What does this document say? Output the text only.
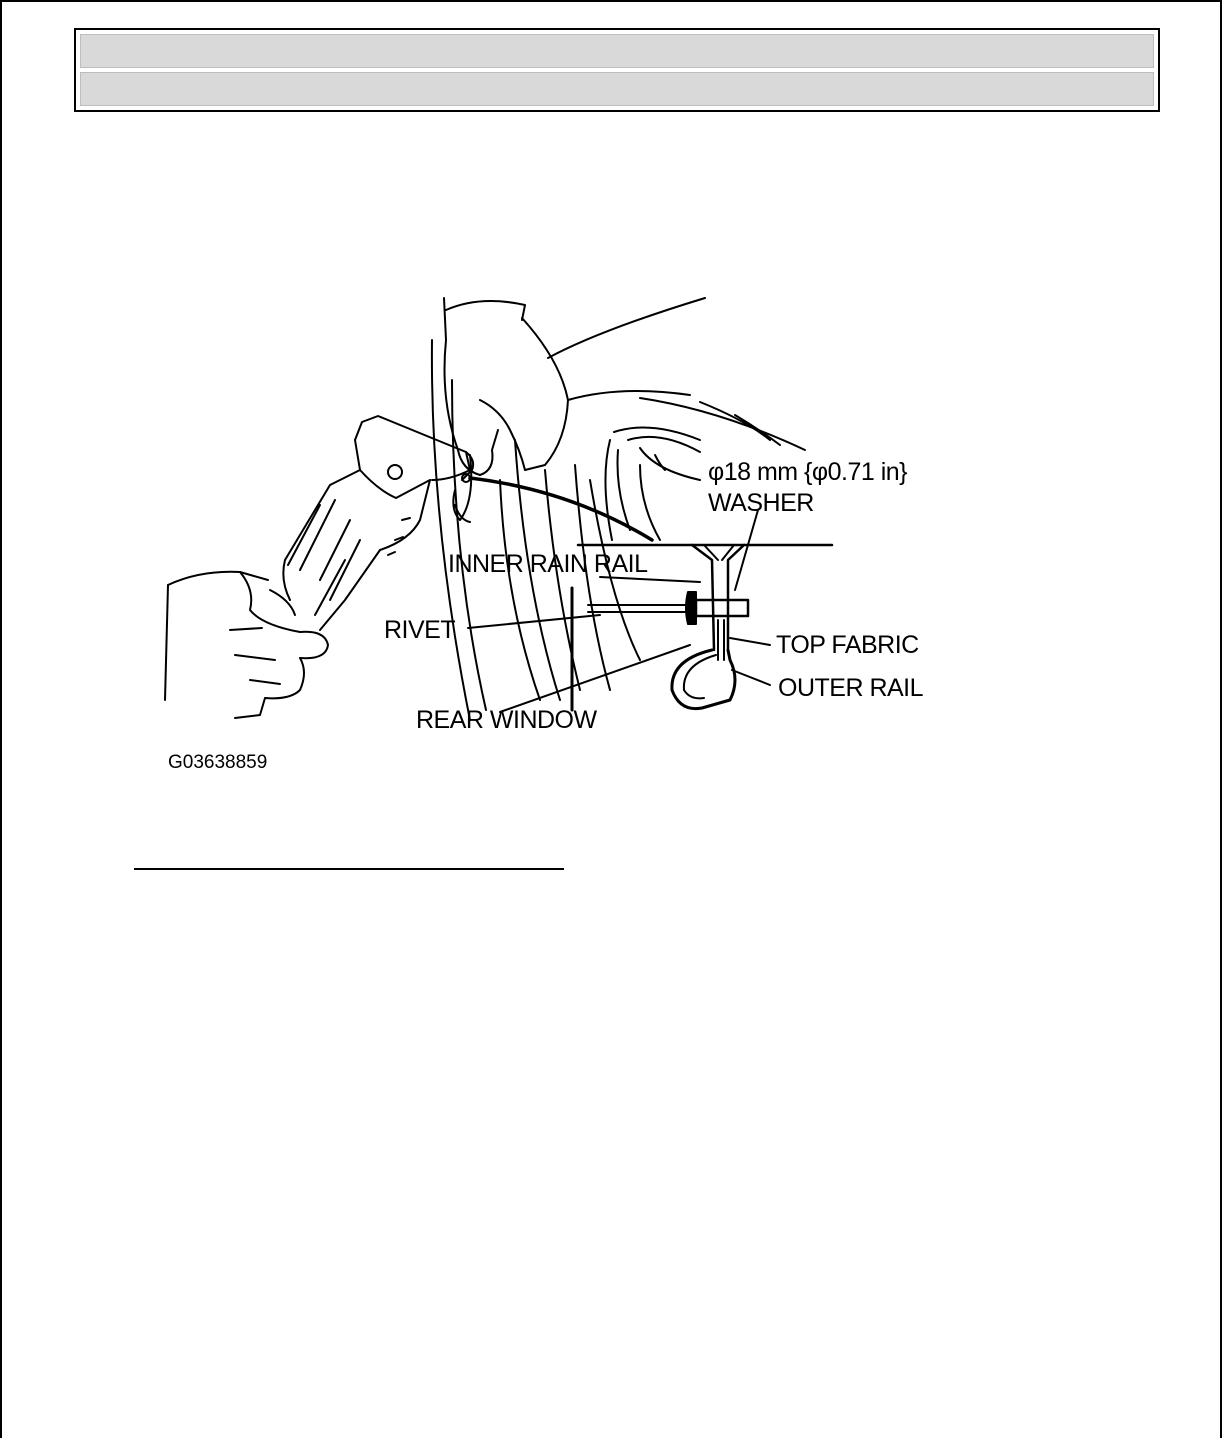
φ18 mm {φ0.71 in}
WASHER
INNER RAIN RAIL
RIVET
TOP FABRIC
OUTER RAIL
REAR WINDOW
G03638859
